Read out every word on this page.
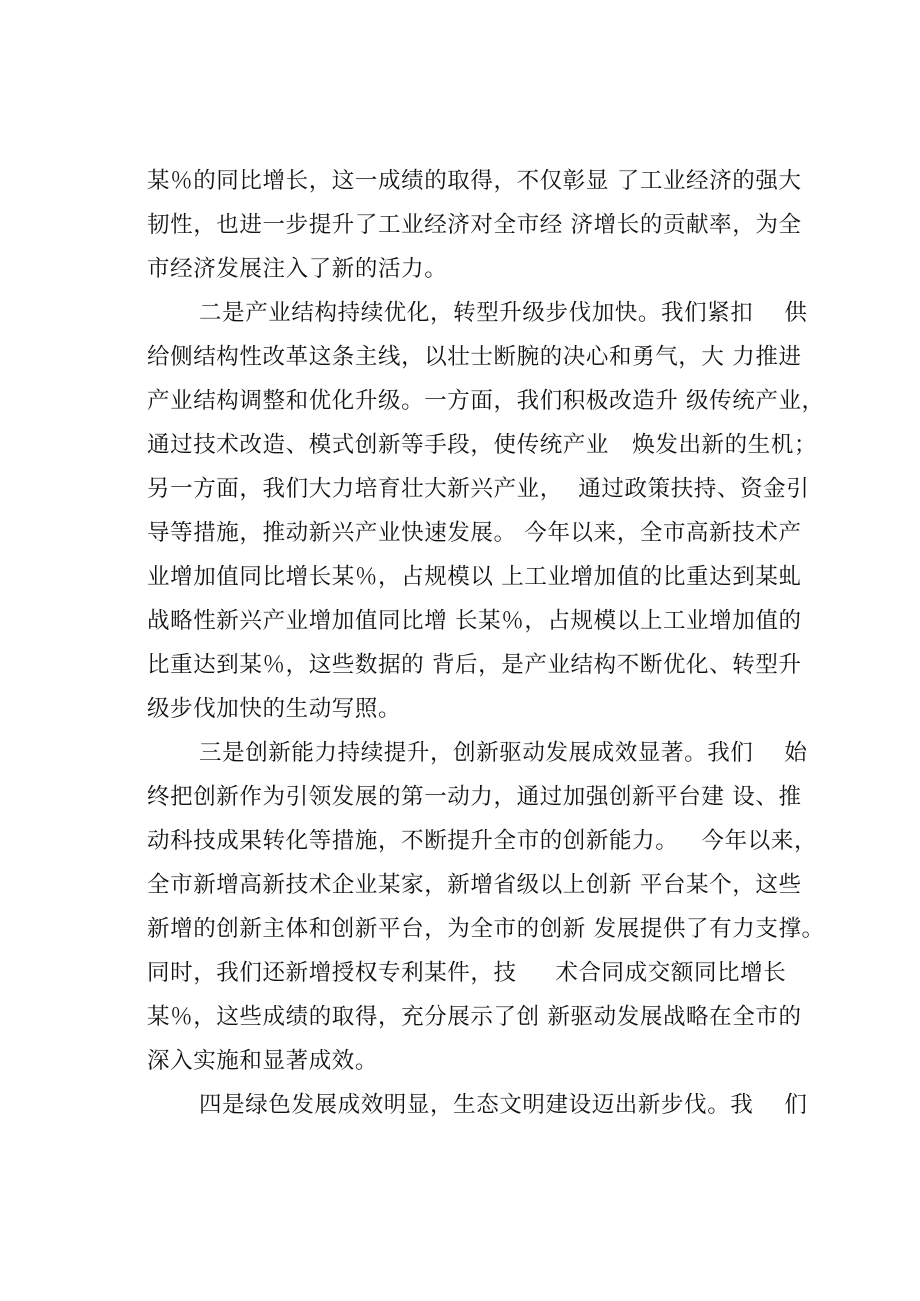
某％的同比增长，这一成绩的取得，不仅彰显 了工业经济的强大
韧性，也进一步提升了工业经济对全市经 济增长的贡献率，为全
市经济发展注入了新的活力。
二是产业结构持续优化，转型升级步伐加快。我们紧扣    供
给侧结构性改革这条主线，以壮士断腕的决心和勇气，大 力推进
产业结构调整和优化升级。一方面，我们积极改造升 级传统产业，
通过技术改造、模式创新等手段，使传统产业   焕发出新的生机；
另一方面，我们大力培育壮大新兴产业，  通过政策扶持、资金引
导等措施，推动新兴产业快速发展。 今年以来，全市高新技术产
业增加值同比增长某％，占规模以 上工业增加值的比重达到某虬
战略性新兴产业增加值同比增 长某％，占规模以上工业增加值的
比重达到某％，这些数据的 背后，是产业结构不断优化、转型升
级步伐加快的生动写照。
三是创新能力持续提升，创新驱动发展成效显著。我们    始
终把创新作为引领发展的第一动力，通过加强创新平台建 设、推
动科技成果转化等措施，不断提升全市的创新能力。   今年以来，
全市新增高新技术企业某家，新增省级以上创新 平台某个，这些
新增的创新主体和创新平台，为全市的创新 发展提供了有力支撑。
同时，我们还新增授权专利某件，技     术合同成交额同比增长
某％，这些成绩的取得，充分展示了创 新驱动发展战略在全市的
深入实施和显著成效。
四是绿色发展成效明显，生态文明建设迈出新步伐。我    们
